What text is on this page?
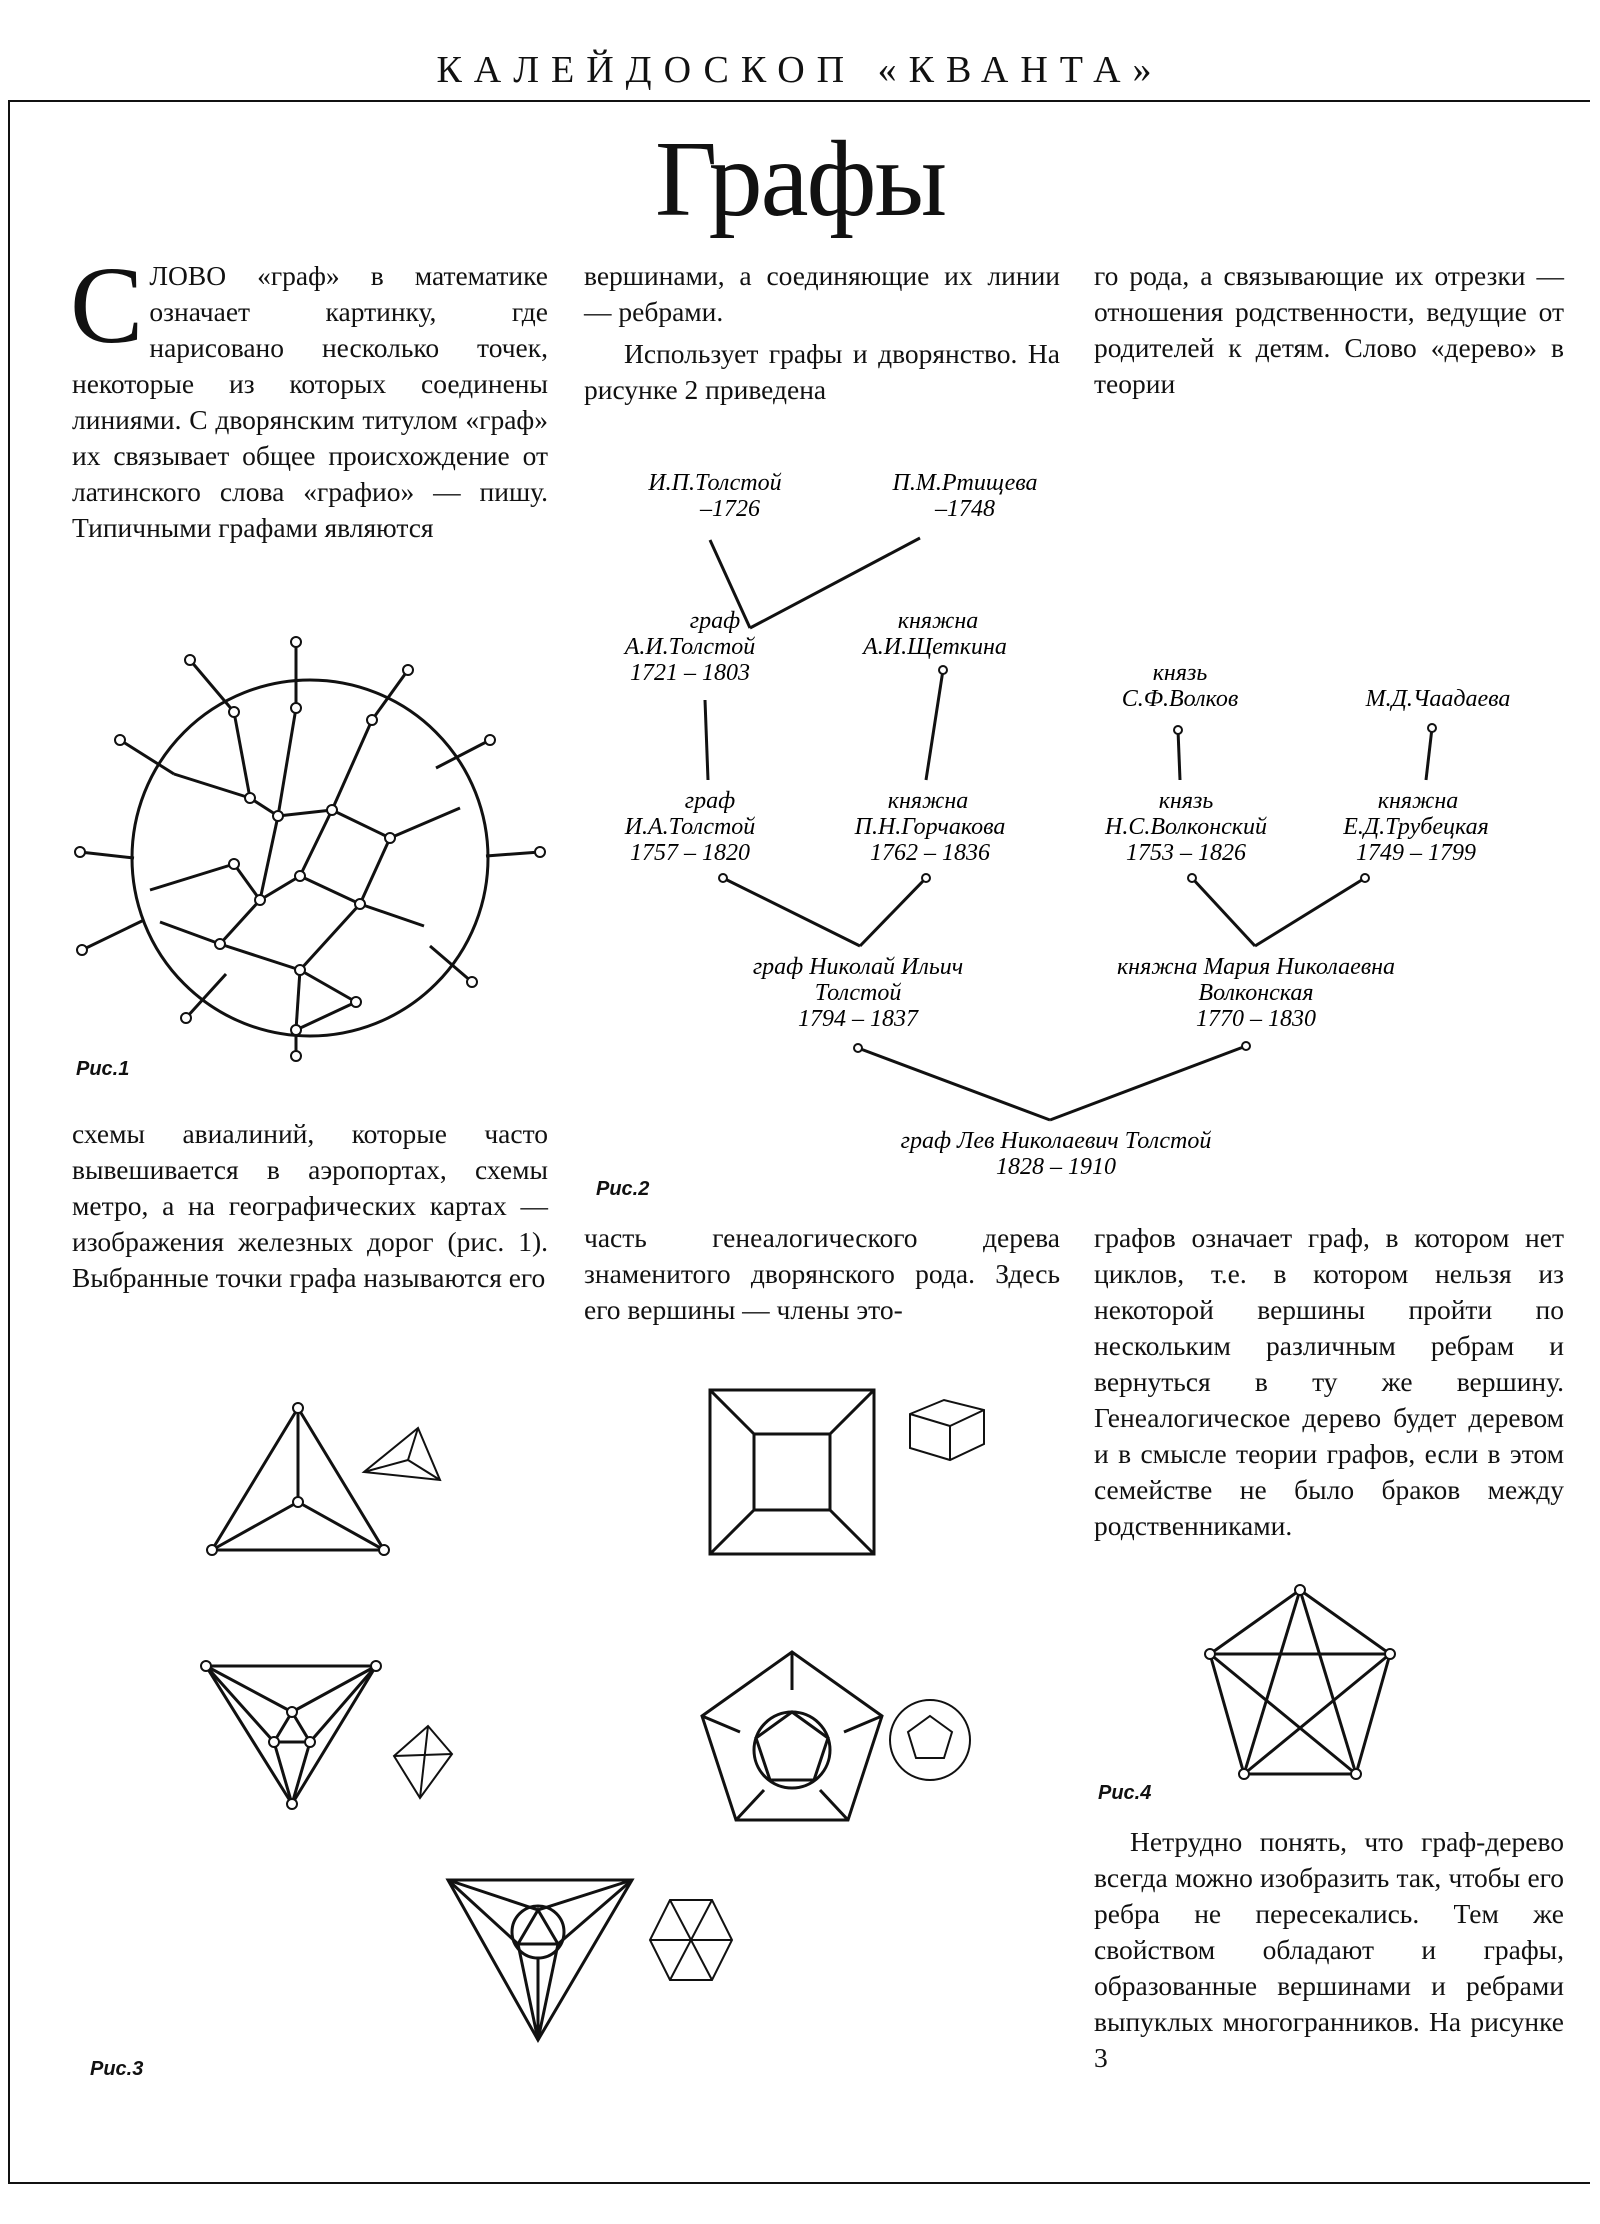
КАЛЕЙДОСКОП «КВАНТА»
Графы
СЛОВО «граф» в математике означает картинку, где нарисовано несколько точек, некоторые из которых соединены линиями. С дворянским титулом «граф» их связывает общее происхождение от латинского слова «графио» — пишу. Типичными графами являются
вершинами, а соединяющие их линии — ребрами.
Использует графы и дворянство. На рисунке 2 приведена
го рода, а связывающие их отрезки — отношения родственности, ведущие от родителей к детям. Слово «дерево» в теории
схемы авиалиний, которые часто вывешивается в аэропортах, схемы метро, а на географических картах — изображения железных дорог (рис. 1). Выбранные точки графа называются его
часть генеалогического дерева знаменитого дворянского рода. Здесь его вершины — члены это-
графов означает граф, в котором нет циклов, т.е. в котором нельзя из некоторой вершины пройти по нескольким различным ребрам и вернуться в ту же вершину. Генеалогическое дерево будет деревом и в смысле теории графов, если в этом семействе не было браков между родственниками.
Нетрудно понять, что граф-дерево всегда можно изобразить так, чтобы его ребра не пересекались. Тем же свойством обладают и графы, образованные вершинами и ребрами выпуклых многогранников. На рисунке 3
Рис.1
И.П.Толстой
–1726
П.М.Ртищева
–1748
граф
А.И.Толстой
1721 – 1803
княжна
А.И.Щеткина
князь
С.Ф.Волков	М.Д.Чаадаева
граф
И.А.Толстой
1757 – 1820
княжна
П.Н.Горчакова
1762 – 1836
князь
Н.С.Волконский
1753 – 1826
княжна
Е.Д.Трубецкая
1749 – 1799
граф Николай Ильич
Толстой
1794 – 1837
княжна Мария Николаевна
Волконская
1770 – 1830
граф Лев Николаевич Толстой
1828 – 1910
Рис.2
Рис.3
Рис.4
